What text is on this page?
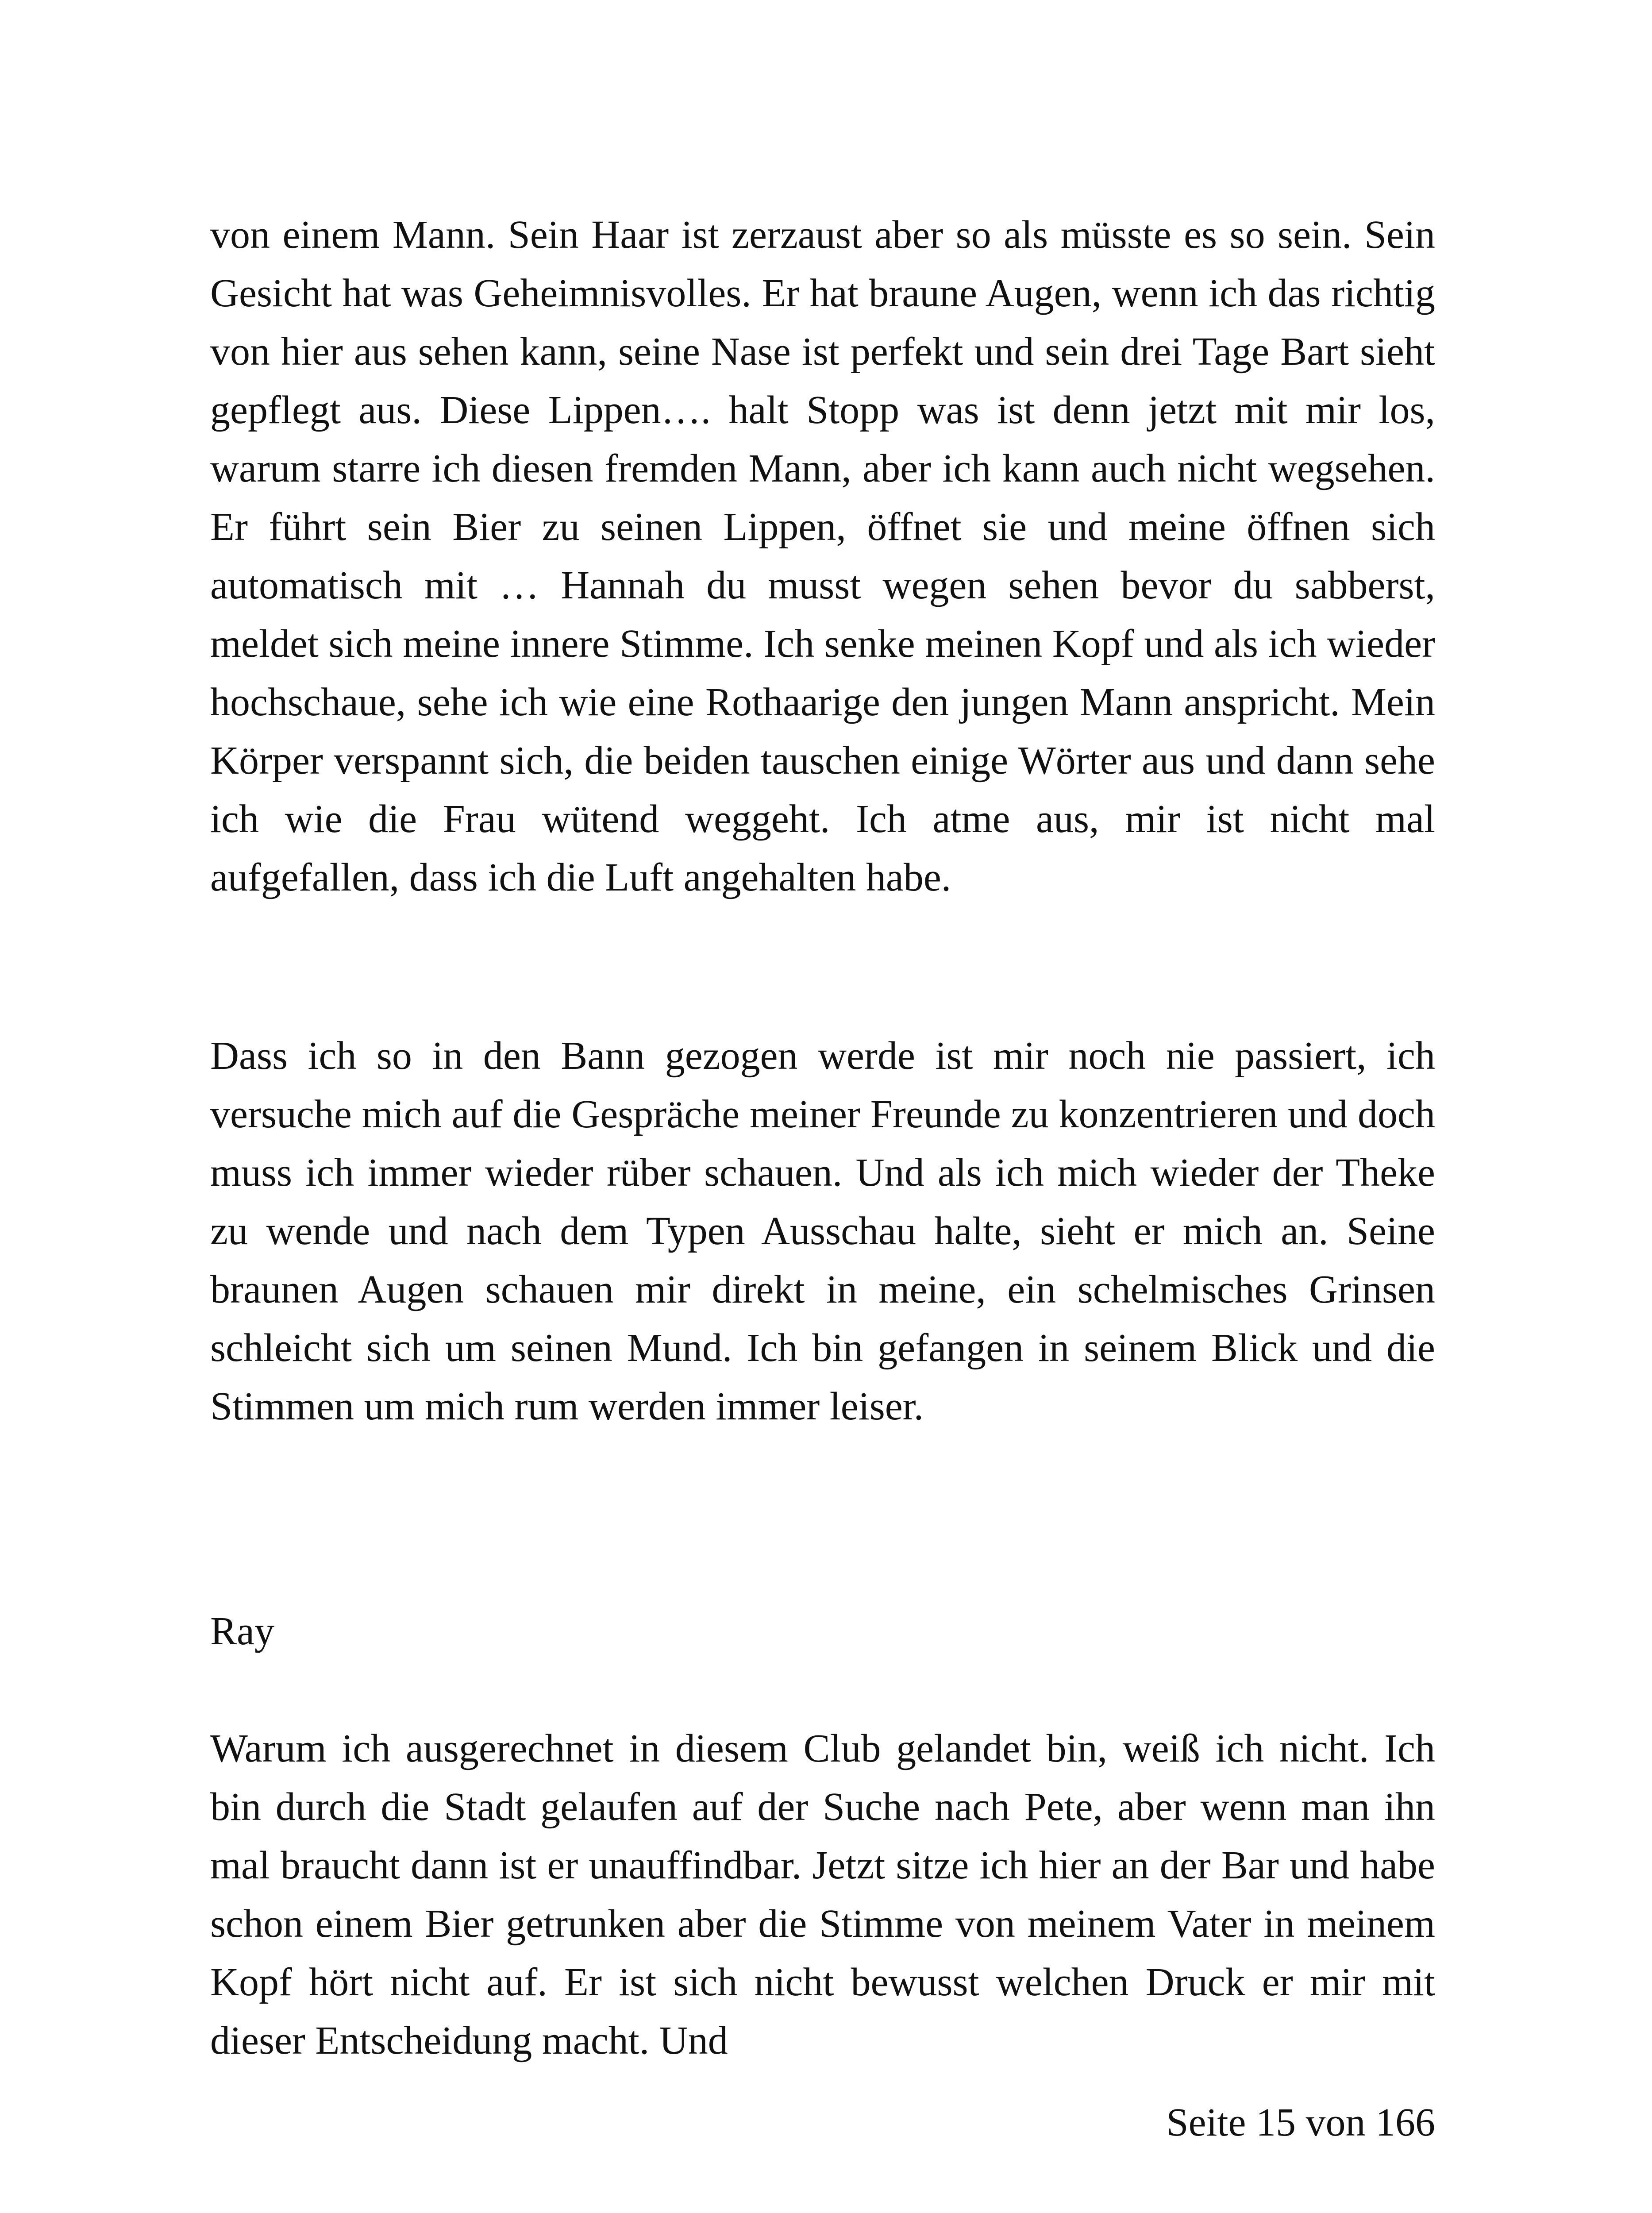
von einem Mann. Sein Haar ist zerzaust aber so als müsste es so sein. Sein Gesicht hat was Geheimnisvolles. Er hat braune Augen, wenn ich das richtig von hier aus sehen kann, seine Nase ist perfekt und sein drei Tage Bart sieht gepflegt aus. Diese Lippen…. halt Stopp was ist denn jetzt mit mir los, warum starre ich diesen fremden Mann, aber ich kann auch nicht wegsehen. Er führt sein Bier zu seinen Lippen, öffnet sie und meine öffnen sich automatisch mit … Hannah du musst wegen sehen bevor du sabberst, meldet sich meine innere Stimme. Ich senke meinen Kopf und als ich wieder hochschaue, sehe ich wie eine Rothaarige den jungen Mann anspricht. Mein Körper verspannt sich, die beiden tauschen einige Wörter aus und dann sehe ich wie die Frau wütend weggeht. Ich atme aus, mir ist nicht mal aufgefallen, dass ich die Luft angehalten habe.

Dass ich so in den Bann gezogen werde ist mir noch nie passiert, ich versuche mich auf die Gespräche meiner Freunde zu konzentrieren und doch muss ich immer wieder rüber schauen. Und als ich mich wieder der Theke zu wende und nach dem Typen Ausschau halte, sieht er mich an. Seine braunen Augen schauen mir direkt in meine, ein schelmisches Grinsen schleicht sich um seinen Mund. Ich bin gefangen in seinem Blick und die Stimmen um mich rum werden immer leiser.

Ray

Warum ich ausgerechnet in diesem Club gelandet bin, weiß ich nicht. Ich bin durch die Stadt gelaufen auf der Suche nach Pete, aber wenn man ihn mal braucht dann ist er unauffindbar. Jetzt sitze ich hier an der Bar und habe schon einem Bier getrunken aber die Stimme von meinem Vater in meinem Kopf hört nicht auf. Er ist sich nicht bewusst welchen Druck er mir mit dieser Entscheidung macht. Und

Seite 15 von 166
